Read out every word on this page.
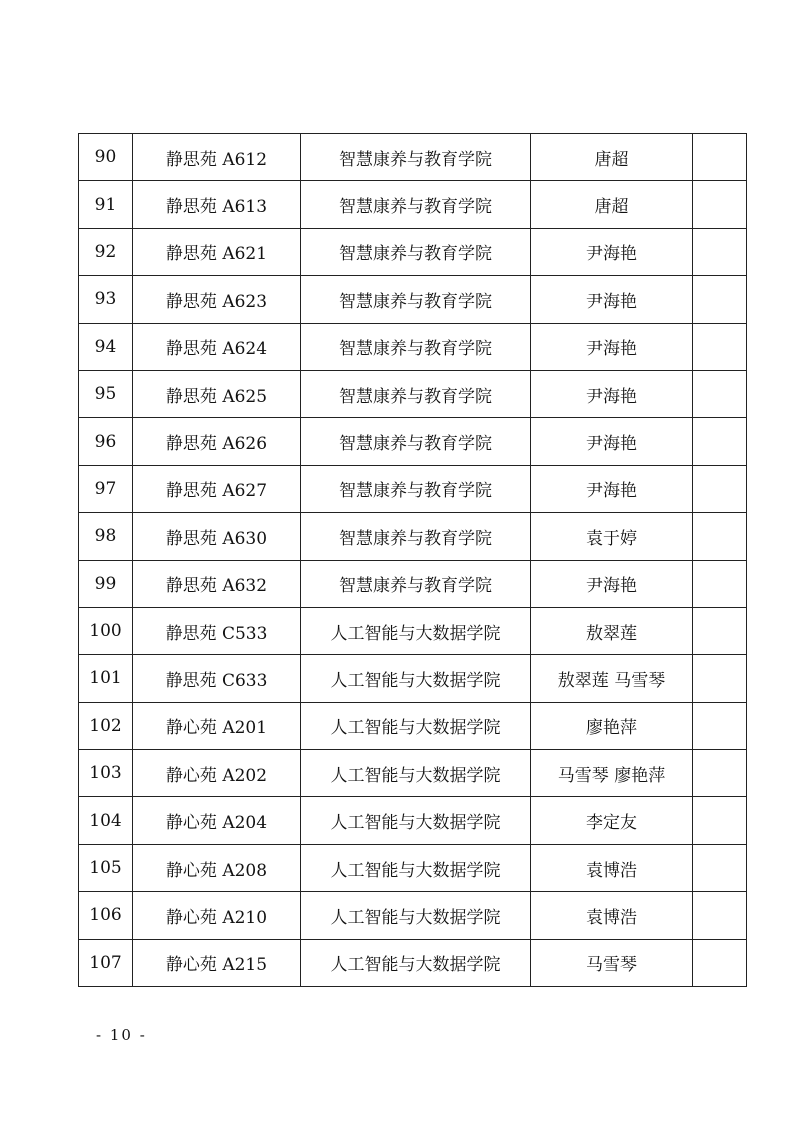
90	静思苑 A612	智慧康养与教育学院	唐超	
91	静思苑 A613	智慧康养与教育学院	唐超	
92	静思苑 A621	智慧康养与教育学院	尹海艳	
93	静思苑 A623	智慧康养与教育学院	尹海艳	
94	静思苑 A624	智慧康养与教育学院	尹海艳	
95	静思苑 A625	智慧康养与教育学院	尹海艳	
96	静思苑 A626	智慧康养与教育学院	尹海艳	
97	静思苑 A627	智慧康养与教育学院	尹海艳	
98	静思苑 A630	智慧康养与教育学院	袁于婷	
99	静思苑 A632	智慧康养与教育学院	尹海艳	
100	静思苑 C533	人工智能与大数据学院	敖翠莲	
101	静思苑 C633	人工智能与大数据学院	敖翠莲 马雪琴	
102	静心苑 A201	人工智能与大数据学院	廖艳萍	
103	静心苑 A202	人工智能与大数据学院	马雪琴 廖艳萍	
104	静心苑 A204	人工智能与大数据学院	李定友	
105	静心苑 A208	人工智能与大数据学院	袁博浩	
106	静心苑 A210	人工智能与大数据学院	袁博浩	
107	静心苑 A215	人工智能与大数据学院	马雪琴	
- 10 -
